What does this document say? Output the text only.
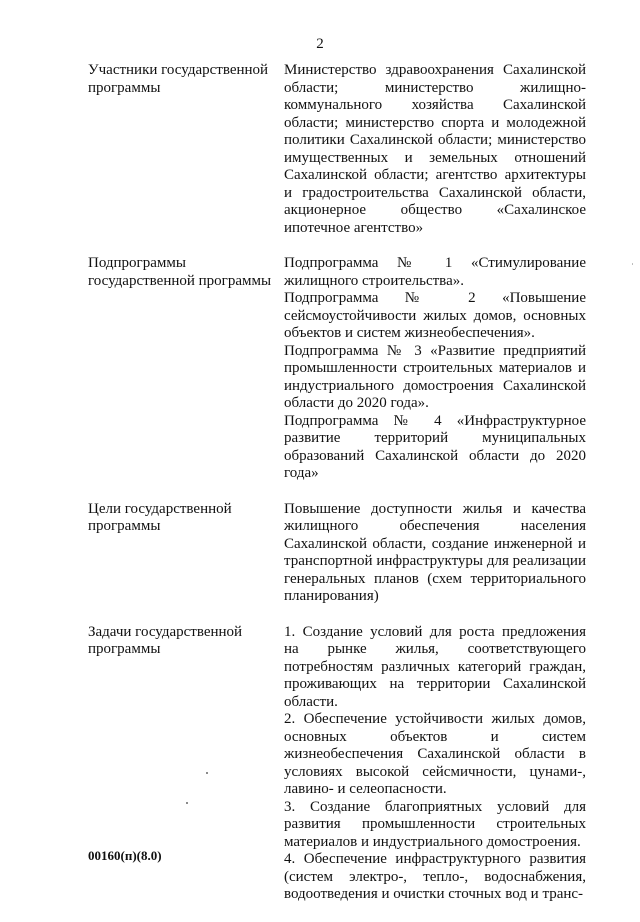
2
Участники государственной программы
Министерство здравоохранения Сахалинской области; министерство жилищно-коммунального хозяйства Сахалинской области; министерство спорта и молодежной политики Сахалинской области; министерство имущественных и земельных отношений Сахалинской области; агентство архитектуры и градостроительства Сахалинской области, акционерное общество «Сахалинское ипотечное агентство»
Подпрограммы государственной программы
Подпрограмма № 1 «Стимулирование жилищного строительства».
Подпрограмма № 2 «Повышение сейсмоустойчивости жилых домов, основных объектов и систем жизнеобеспечения».
Подпрограмма № 3 «Развитие предприятий промышленности строительных материалов и индустриального домостроения Сахалинской области до 2020 года».
Подпрограмма № 4 «Инфраструктурное развитие территорий муниципальных образований Сахалинской области до 2020 года»
Цели государственной программы
Повышение доступности жилья и качества жилищного обеспечения населения Сахалинской области, создание инженерной и транспортной инфраструктуры для реализации генеральных планов (схем территориального планирования)
Задачи государственной программы
1. Создание условий для роста предложения на рынке жилья, соответствующего потребностям различных категорий граждан, проживающих на территории Сахалинской области.
2. Обеспечение устойчивости жилых домов, основных объектов и систем жизнеобеспечения Сахалинской области в условиях высокой сейсмичности, цунами-, лавино- и селеопасности.
3. Создание благоприятных условий для развития промышленности строительных материалов и индустриального домостроения.
4. Обеспечение инфраструктурного развития (систем электро-, тепло-, водоснабжения, водоотведения и очистки сточных вод и транс-
˙
00160(п)(8.0)
